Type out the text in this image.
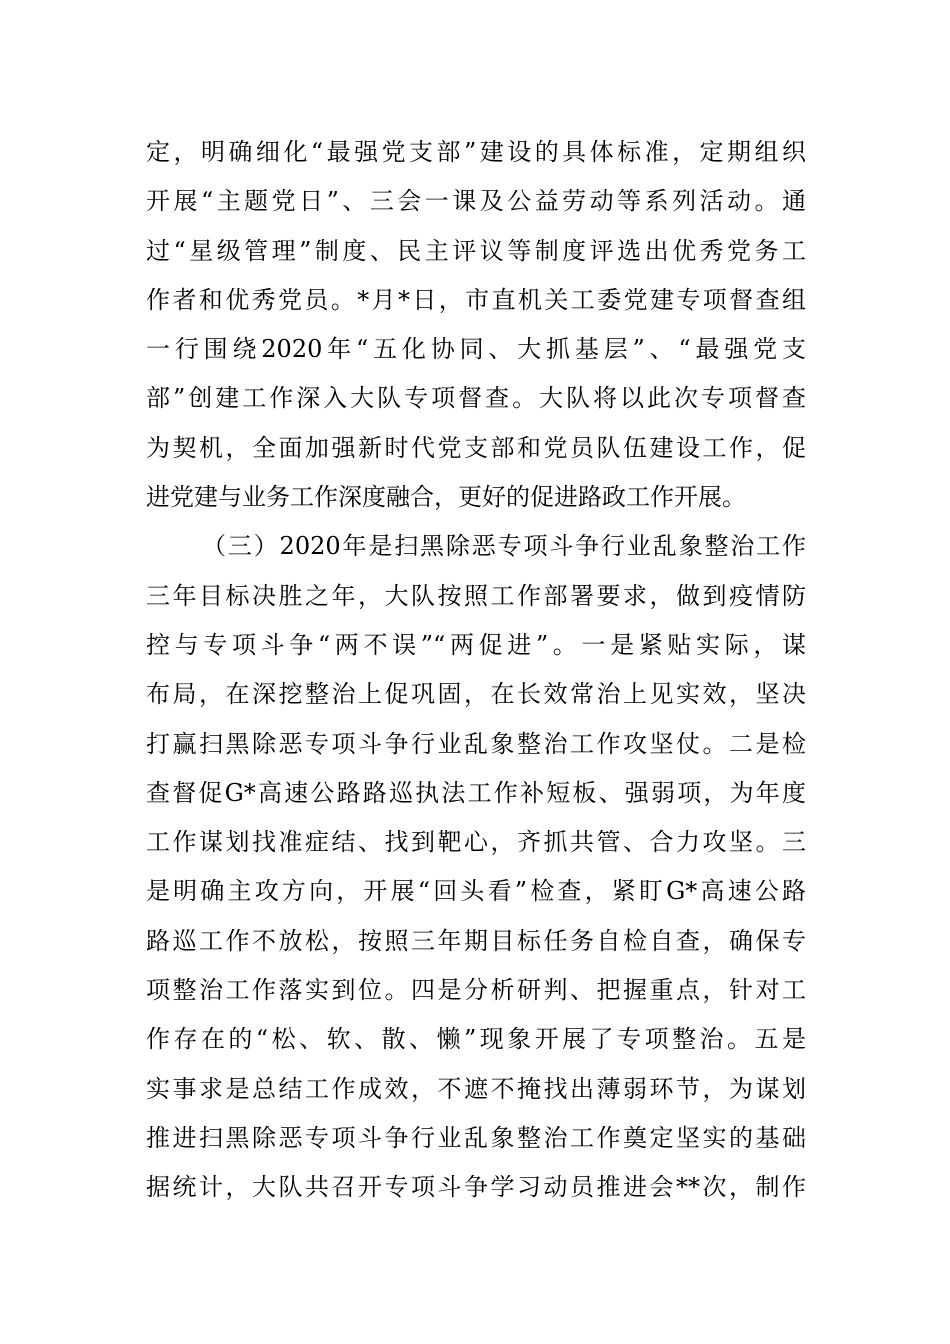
定，明确细化“最强党支部”建设的具体标准，定期组织
开展“主题党日”、三会一课及公益劳动等系列活动。通
过“星级管理”制度、民主评议等制度评选出优秀党务工
作者和优秀党员。*月*日，市直机关工委党建专项督查组
一行围绕2020年“五化协同、大抓基层”、“最强党支
部”创建工作深入大队专项督查。大队将以此次专项督查
为契机，全面加强新时代党支部和党员队伍建设工作，促
进党建与业务工作深度融合，更好的促进路政工作开展。
（三）2020年是扫黑除恶专项斗争行业乱象整治工作
三年目标决胜之年，大队按照工作部署要求，做到疫情防
控与专项斗争“两不误”“两促进”。一是紧贴实际，谋
布局，在深挖整治上促巩固，在长效常治上见实效，坚决
打赢扫黑除恶专项斗争行业乱象整治工作攻坚仗。二是检
查督促G*高速公路路巡执法工作补短板、强弱项，为年度
工作谋划找准症结、找到靶心，齐抓共管、合力攻坚。三
是明确主攻方向，开展“回头看”检查，紧盯G*高速公路
路巡工作不放松，按照三年期目标任务自检自查，确保专
项整治工作落实到位。四是分析研判、把握重点，针对工
作存在的“松、软、散、懒”现象开展了专项整治。五是
实事求是总结工作成效，不遮不掩找出薄弱环节，为谋划
推进扫黑除恶专项斗争行业乱象整治工作奠定坚实的基础
据统计，大队共召开专项斗争学习动员推进会**次，制作
